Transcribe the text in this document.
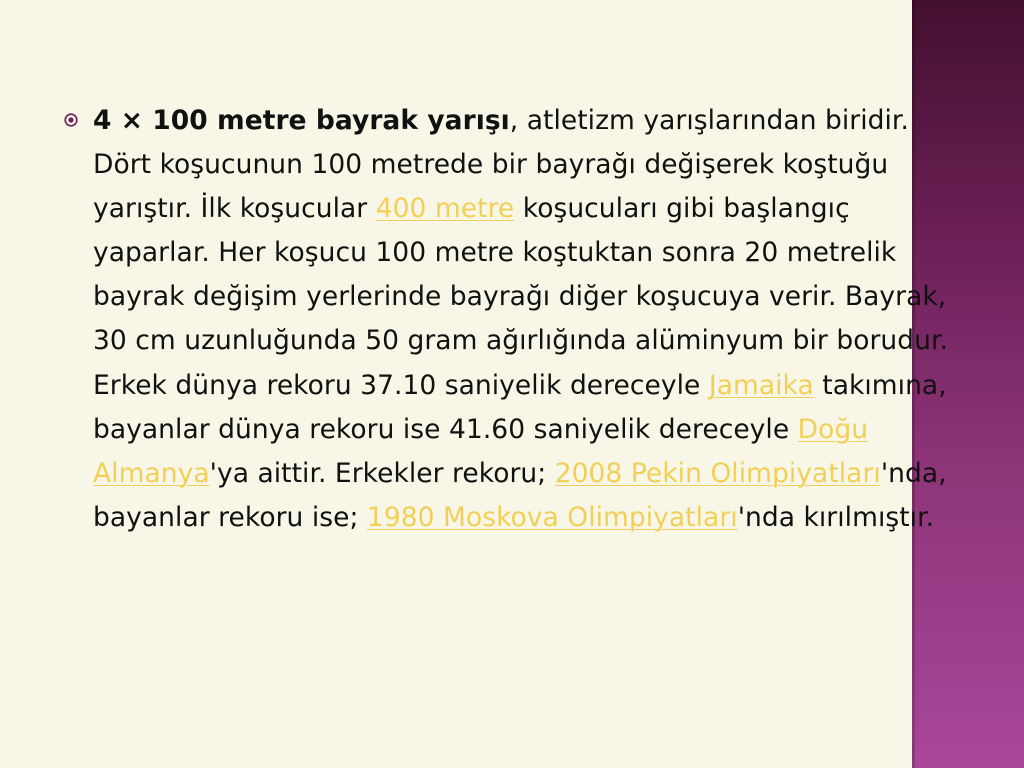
4 × 100 metre bayrak yarışı, atletizm yarışlarından biridir. Dört koşucunun 100 metrede bir bayrağı değişerek koştuğu yarıştır. İlk koşucular 400 metre koşucuları gibi başlangıç yaparlar. Her koşucu 100 metre koştuktan sonra 20 metrelik bayrak değişim yerlerinde bayrağı diğer koşucuya verir. Bayrak, 30 cm uzunluğunda 50 gram ağırlığında alüminyum bir borudur. Erkek dünya rekoru 37.10 saniyelik dereceyle Jamaika takımına, bayanlar dünya rekoru ise 41.60 saniyelik dereceyle Doğu Almanya'ya aittir. Erkekler rekoru; 2008 Pekin Olimpiyatları'nda, bayanlar rekoru ise; 1980 Moskova Olimpiyatları'nda kırılmıştır.
